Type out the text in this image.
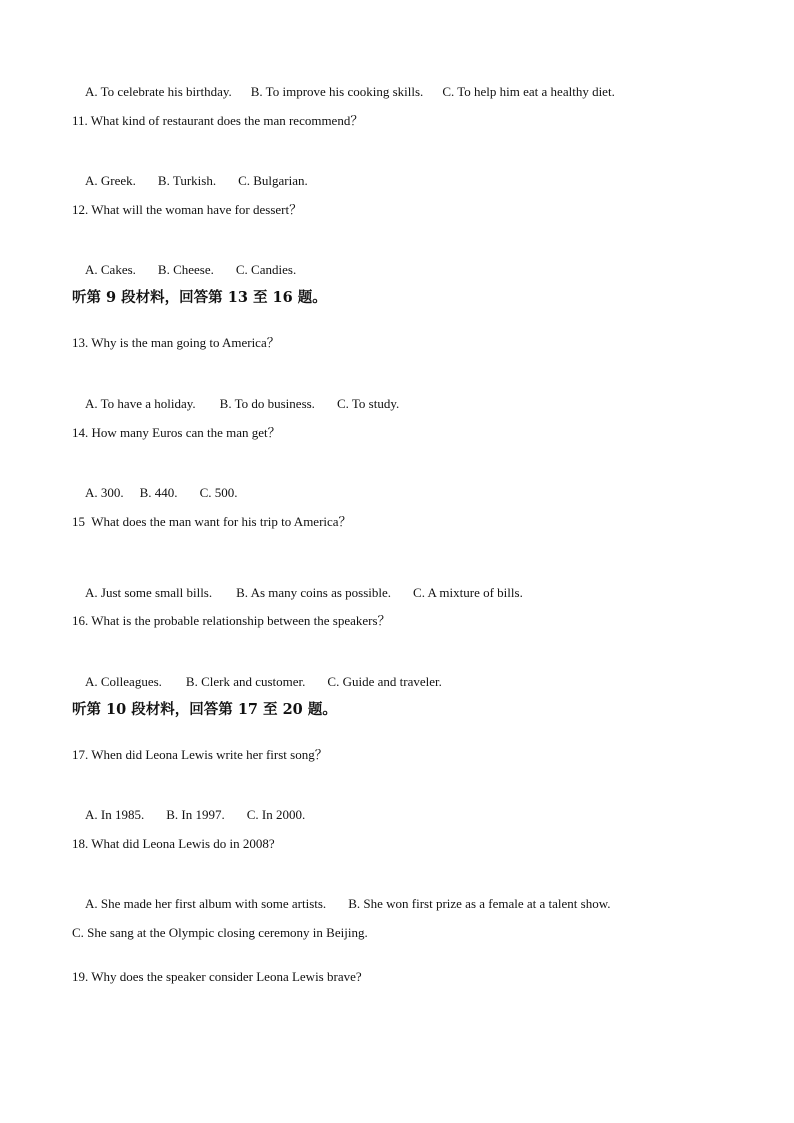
A. To celebrate his birthday. B. To improve his cooking skills. C. To help him eat a healthy diet.

11. What kind of restaurant does the man recommend？

A. Greek. B. Turkish. C. Bulgarian.

12. What will the woman have for dessert？

A. Cakes. B. Cheese. C. Candies.

听第 9 段材料，回答第 13 至 16 题。
13. Why is the man going to America？

A. To have a holiday. B. To do business. C. To study.

14. How many Euros can the man get？

A. 300. B. 440. C. 500.

15  What does the man want for his trip to America？

A. Just some small bills. B. As many coins as possible. C. A mixture of bills.

16. What is the probable relationship between the speakers？

A. Colleagues. B. Clerk and customer. C. Guide and traveler.

听第 10 段材料，回答第 17 至 20 题。
17. When did Leona Lewis write her first song？

A. In 1985. B. In 1997. C. In 2000.

18. What did Leona Lewis do in 2008?

A. She made her first album with some artists. B. She won first prize as a female at a talent show.

C. She sang at the Olympic closing ceremony in Beijing.
19. Why does the speaker consider Leona Lewis brave?
